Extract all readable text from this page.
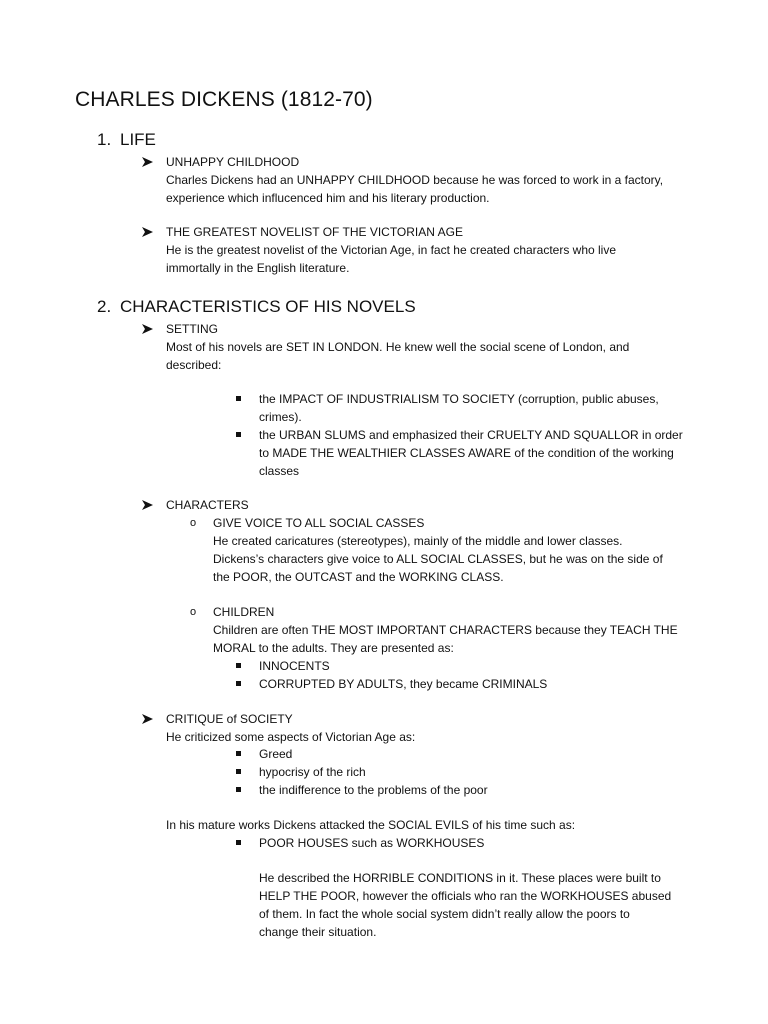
CHARLES DICKENS (1812-70)
1. LIFE
UNHAPPY CHILDHOOD
Charles Dickens had an UNHAPPY CHILDHOOD because he was forced to work in a factory,
experience which influcenced him and his literary production.
THE GREATEST NOVELIST OF THE VICTORIAN AGE
He is the greatest novelist of the Victorian Age, in fact he created characters who live
immortally in the English literature.
2. CHARACTERISTICS OF HIS NOVELS
SETTING
Most of his novels are SET IN LONDON. He knew well the social scene of London, and
described:
the IMPACT OF INDUSTRIALISM TO SOCIETY (corruption, public abuses,
crimes).
the URBAN SLUMS and emphasized their CRUELTY AND SQUALLOR in order
to MADE THE WEALTHIER CLASSES AWARE of the condition of the working
classes
CHARACTERS
o GIVE VOICE TO ALL SOCIAL CASSES
He created caricatures (stereotypes), mainly of the middle and lower classes.
Dickens’s characters give voice to ALL SOCIAL CLASSES, but he was on the side of
the POOR, the OUTCAST and the WORKING CLASS.
o CHILDREN
Children are often THE MOST IMPORTANT CHARACTERS because they TEACH THE
MORAL to the adults. They are presented as:
INNOCENTS
CORRUPTED BY ADULTS, they became CRIMINALS
CRITIQUE of SOCIETY
He criticized some aspects of Victorian Age as:
Greed
hypocrisy of the rich
the indifference to the problems of the poor
In his mature works Dickens attacked the SOCIAL EVILS of his time such as:
POOR HOUSES such as WORKHOUSES
He described the HORRIBLE CONDITIONS in it. These places were built to
HELP THE POOR, however the officials who ran the WORKHOUSES abused
of them. In fact the whole social system didn’t really allow the poors to
change their situation.
